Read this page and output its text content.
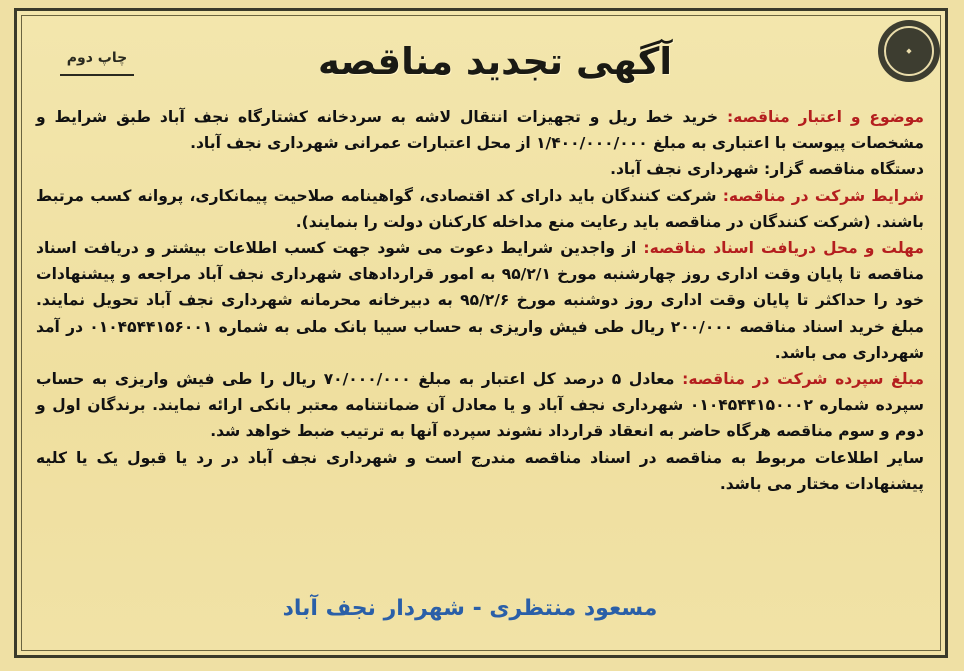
◆
آگهی تجدید مناقصه
چاپ دوم

موضوع و اعتبار مناقصه: خرید خط ریل و تجهیزات انتقال لاشه به سردخانه کشتارگاه نجف آباد طبق شرایط و مشخصات پیوست با اعتباری به مبلغ ۱/۴۰۰/۰۰۰/۰۰۰ از محل اعتبارات عمرانی شهرداری نجف آباد.

دستگاه مناقصه گزار: شهرداری نجف آباد.

شرایط شرکت در مناقصه: شرکت کنندگان باید دارای کد اقتصادی، گواهینامه صلاحیت پیمانکاری، پروانه کسب مرتبط باشند. (شرکت کنندگان در مناقصه باید رعایت منع مداخله کارکنان دولت را بنمایند).

مهلت و محل دریافت اسناد مناقصه: از واجدین شرایط دعوت می شود جهت کسب اطلاعات بیشتر و دریافت اسناد مناقصه تا پایان وقت اداری روز چهارشنبه مورخ ۹۵/۲/۱ به امور قراردادهای شهرداری نجف آباد مراجعه و پیشنهادات خود را حداکثر تا پایان وقت اداری روز دوشنبه مورخ ۹۵/۲/۶ به دبیرخانه محرمانه شهرداری نجف آباد تحویل نمایند. مبلغ خرید اسناد مناقصه ۲۰۰/۰۰۰ ریال طی فیش واریزی به حساب سیبا بانک ملی به شماره ۰۱۰۴۵۴۴۱۵۶۰۰۱ در آمد شهرداری می باشد.

مبلغ سپرده شرکت در مناقصه: معادل ۵ درصد کل اعتبار به مبلغ ۷۰/۰۰۰/۰۰۰ ریال را طی فیش واریزی به حساب سپرده شماره ۰۱۰۴۵۴۴۱۵۰۰۰۲ شهرداری نجف آباد و یا معادل آن ضمانتنامه معتبر بانکی ارائه نمایند. برندگان اول و دوم و سوم مناقصه هرگاه حاضر به انعقاد قرارداد نشوند سپرده آنها به ترتیب ضبط خواهد شد.

سایر اطلاعات مربوط به مناقصه در اسناد مناقصه مندرج است و شهرداری نجف آباد در رد یا قبول یک یا کلیه پیشنهادات مختار می باشد.

مسعود منتظری - شهردار نجف آباد
